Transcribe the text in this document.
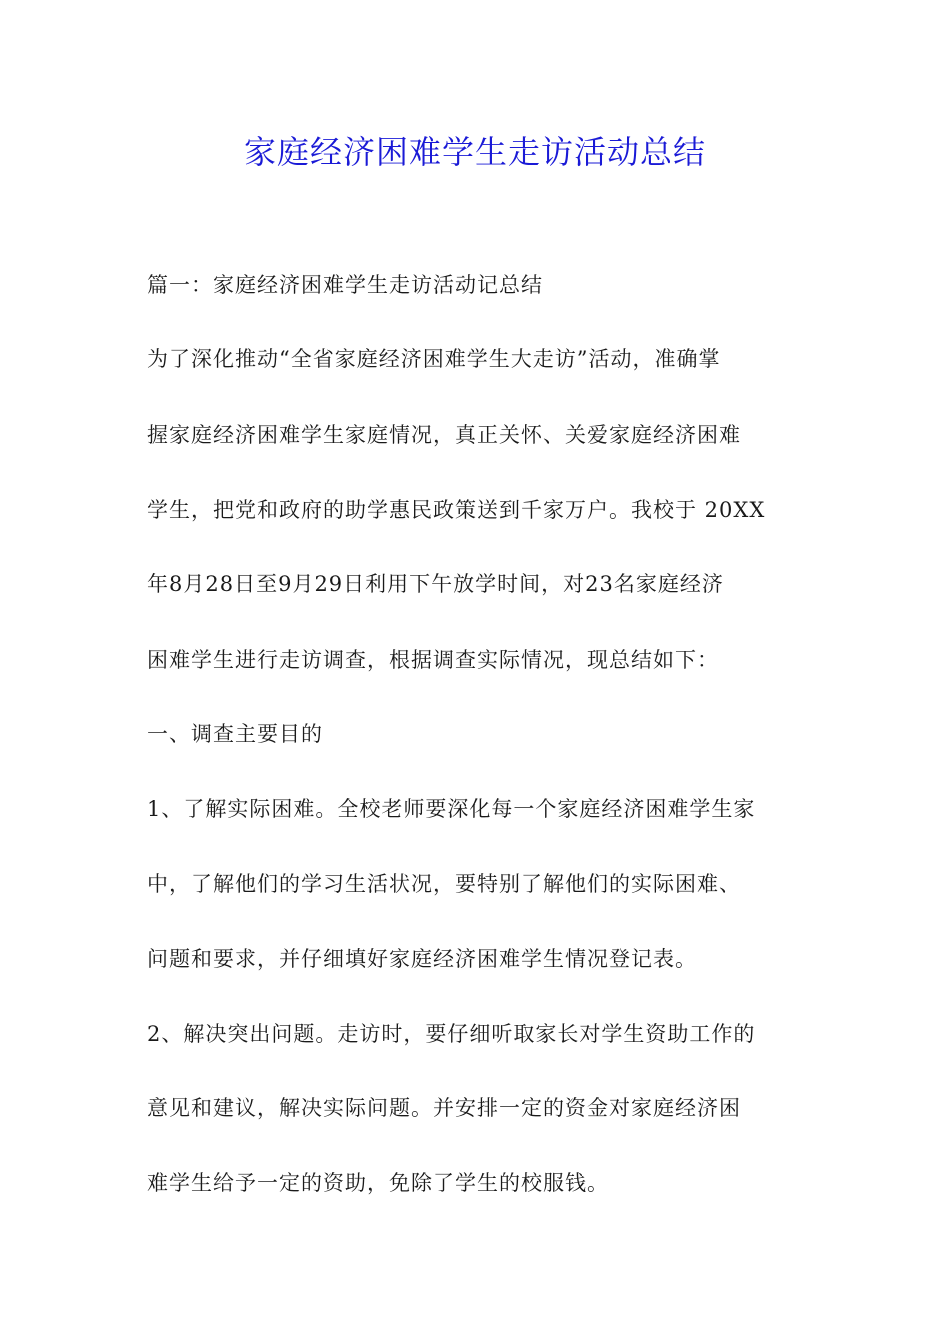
家庭经济困难学生走访活动总结
篇一：家庭经济困难学生走访活动记总结
为了深化推动“全省家庭经济困难学生大走访”活动，准确掌
握家庭经济困难学生家庭情况，真正关怀、关爱家庭经济困难
学生，把党和政府的助学惠民政策送到千家万户。我校于 20XX
年8月28日至9月29日利用下午放学时间，对23名家庭经济
困难学生进行走访调查，根据调查实际情况，现总结如下：
一、调查主要目的
1、了解实际困难。全校老师要深化每一个家庭经济困难学生家
中，了解他们的学习生活状况，要特别了解他们的实际困难、
问题和要求，并仔细填好家庭经济困难学生情况登记表。
2、解决突出问题。走访时，要仔细听取家长对学生资助工作的
意见和建议，解决实际问题。并安排一定的资金对家庭经济困
难学生给予一定的资助，免除了学生的校服钱。
